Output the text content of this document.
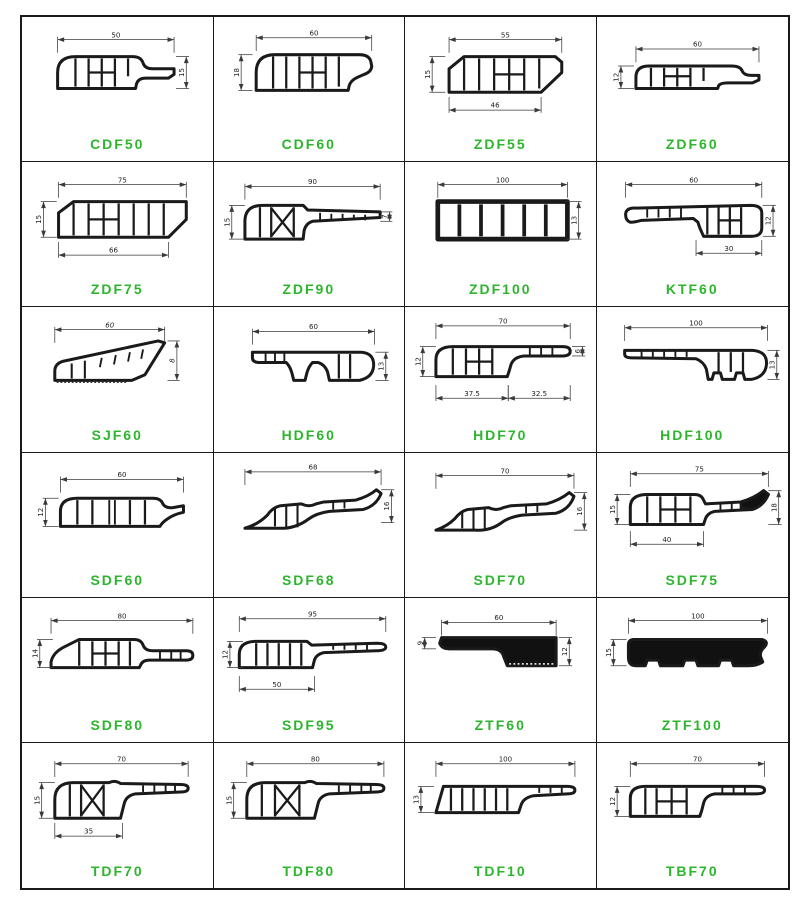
50
15
CDF50
60
18
CDF60
55
15
46
ZDF55
60
12
ZDF60
75
15
66
ZDF75
90
15
7
ZDF90
100
13
ZDF100
60
12
30
KTF60
60
8
SJF60
60
13
HDF60
70
12
6
37.5	32.5
HDF70
100
13
HDF100
60
12
SDF60
68
16
SDF68
70
16
SDF70
75
15	18
40
SDF75
80
14
SDF80
95
12
50
SDF95
60
9
12
ZTF60
100
15
ZTF100
70
15
35
TDF70
80
15
TDF80
100
13
TDF10
70
12
TBF70
